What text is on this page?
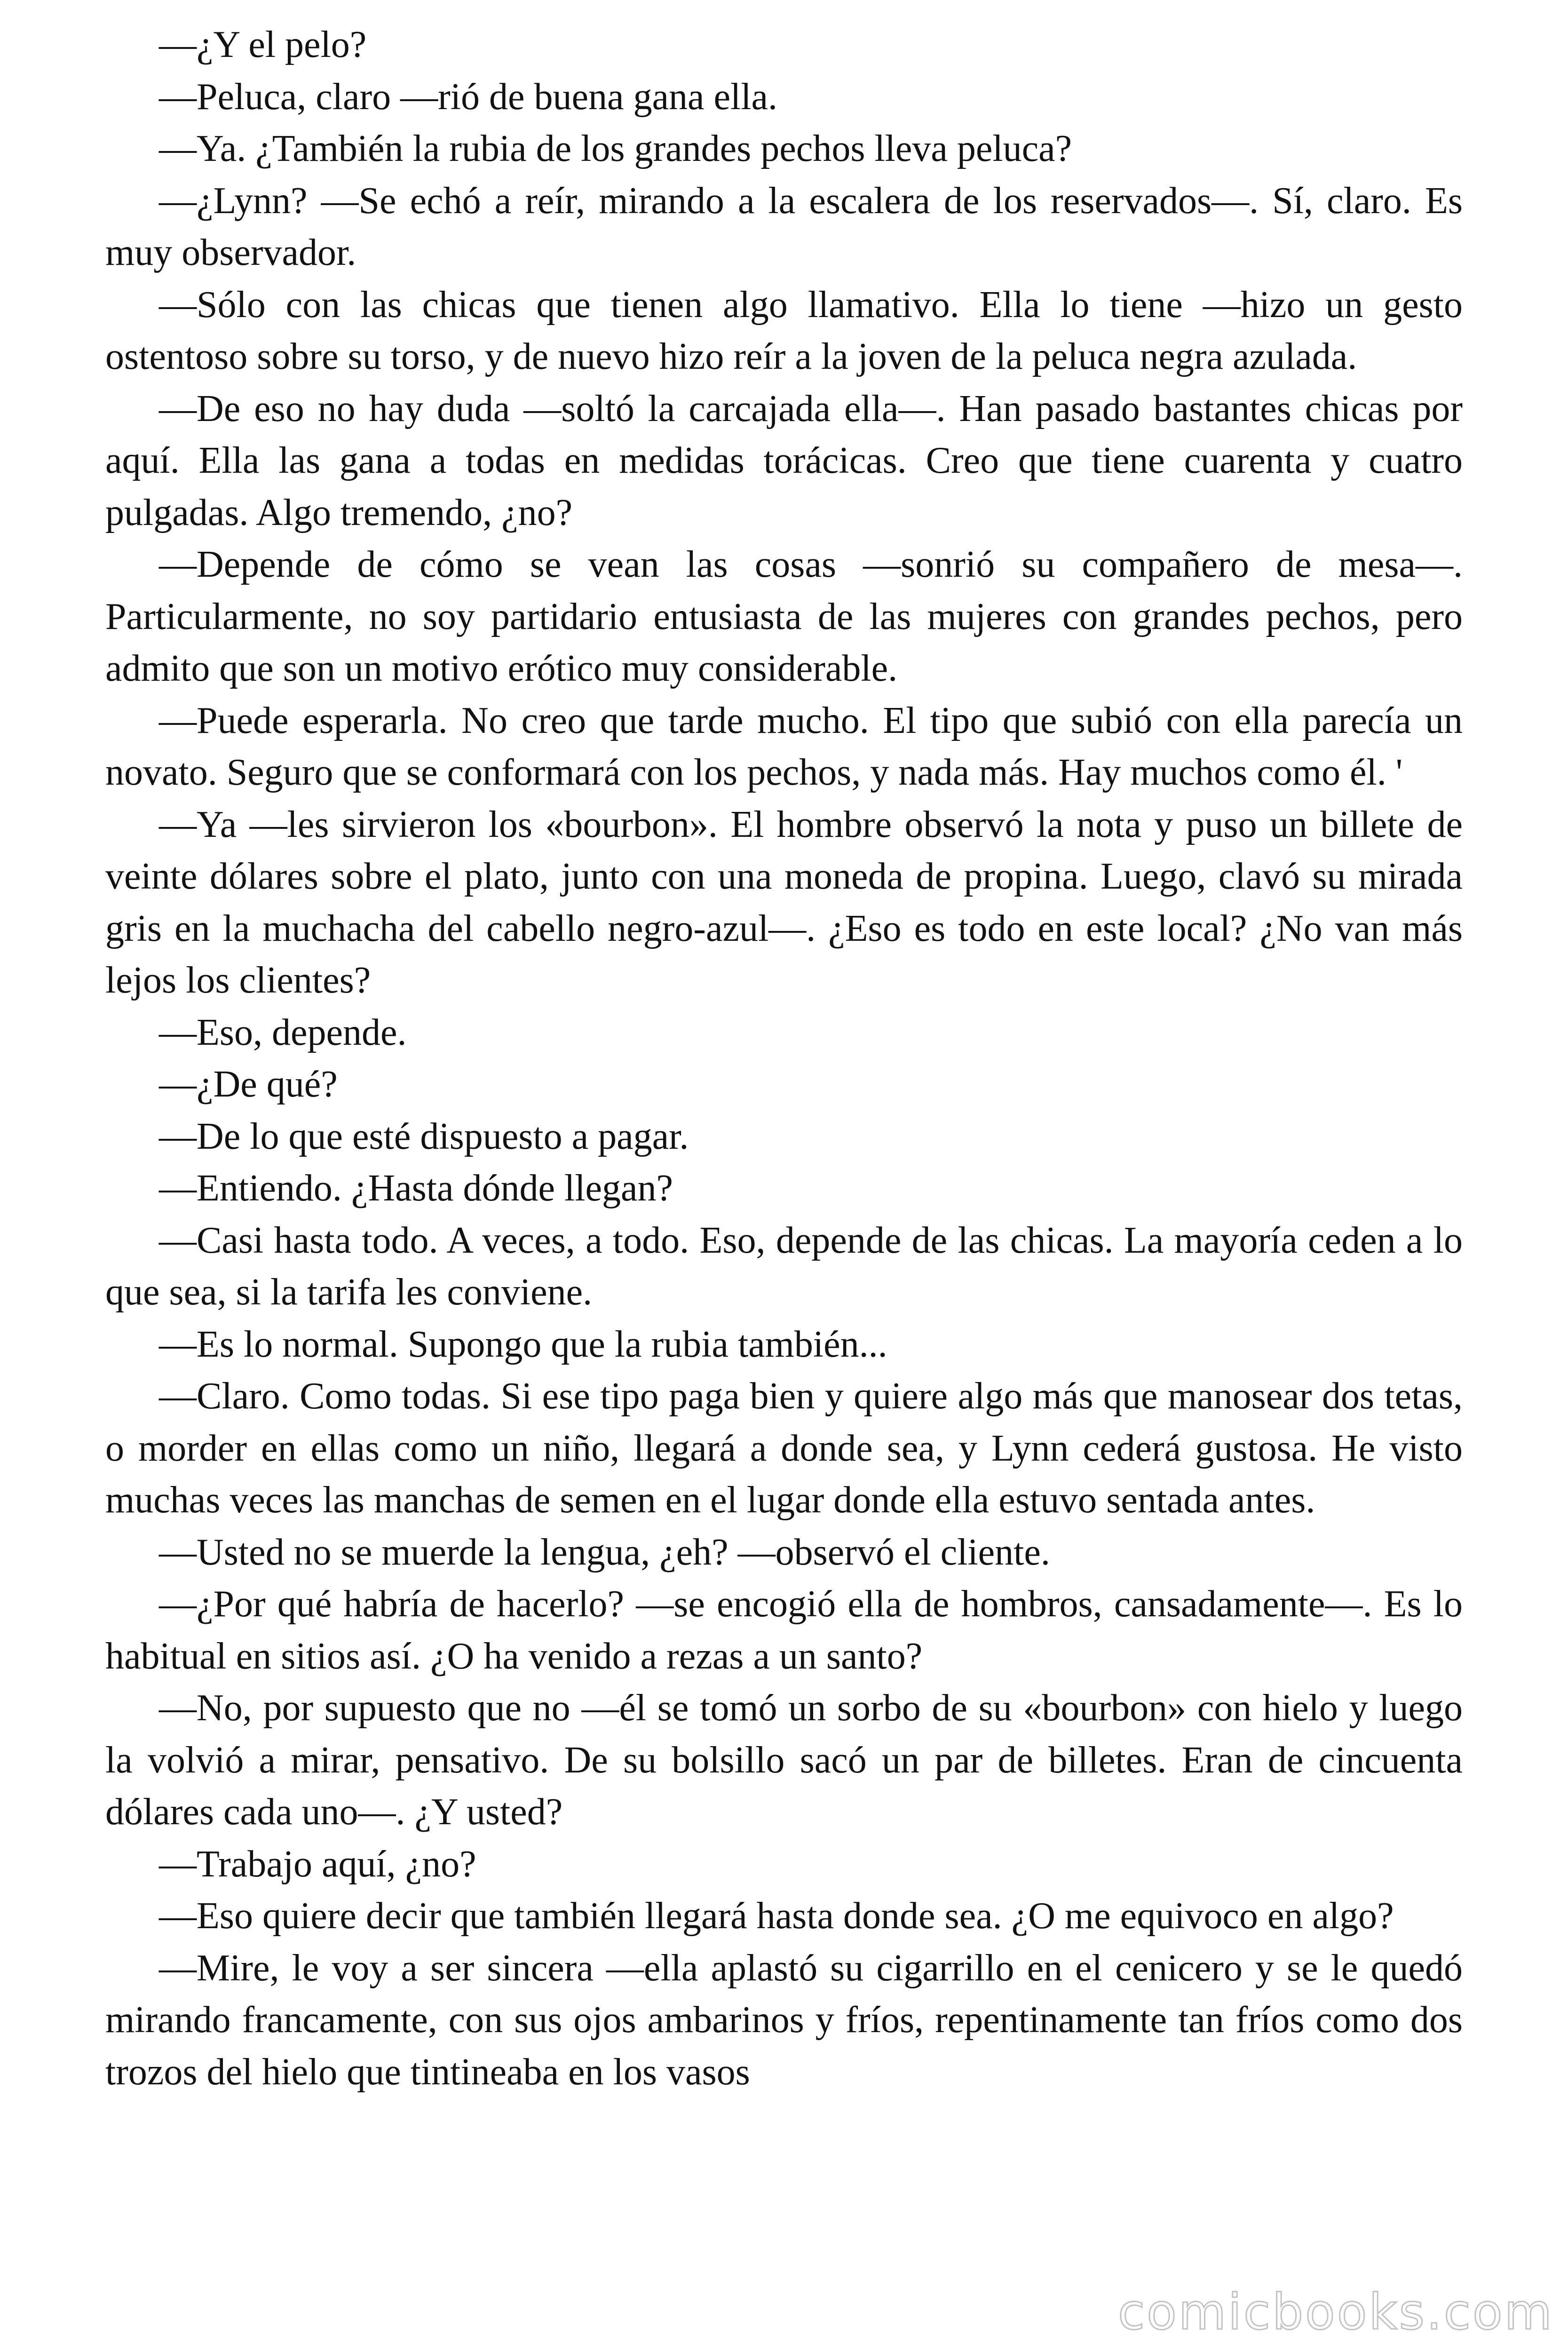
—¿Y el pelo?

—Peluca, claro —rió de buena gana ella.

—Ya. ¿También la rubia de los grandes pechos lleva peluca?

—¿Lynn? —Se echó a reír, mirando a la escalera de los reservados—. Sí, claro. Es muy observador.

—Sólo con las chicas que tienen algo llamativo. Ella lo tiene —hizo un gesto ostentoso sobre su torso, y de nuevo hizo reír a la joven de la peluca negra azulada.

—De eso no hay duda —soltó la carcajada ella—. Han pasado bastantes chicas por aquí. Ella las gana a todas en medidas torácicas. Creo que tiene cuarenta y cuatro pulgadas. Algo tremendo, ¿no?

—Depende de cómo se vean las cosas —sonrió su compañero de mesa—. Particularmente, no soy partidario entusiasta de las mujeres con grandes pechos, pero admito que son un motivo erótico muy considerable.

—Puede esperarla. No creo que tarde mucho. El tipo que subió con ella parecía un novato. Seguro que se conformará con los pechos, y nada más. Hay muchos como él. '

—Ya —les sirvieron los «bourbon». El hombre observó la nota y puso un billete de veinte dólares sobre el plato, junto con una moneda de propina. Luego, clavó su mirada gris en la muchacha del cabello negro-azul—. ¿Eso es todo en este local? ¿No van más lejos los clientes?

—Eso, depende.

—¿De qué?

—De lo que esté dispuesto a pagar.

—Entiendo. ¿Hasta dónde llegan?

—Casi hasta todo. A veces, a todo. Eso, depende de las chicas. La mayoría ceden a lo que sea, si la tarifa les conviene.

—Es lo normal. Supongo que la rubia también...

—Claro. Como todas. Si ese tipo paga bien y quiere algo más que manosear dos tetas, o morder en ellas como un niño, llegará a donde sea, y Lynn cederá gustosa. He visto muchas veces las manchas de semen en el lugar donde ella estuvo sentada antes.

—Usted no se muerde la lengua, ¿eh? —observó el cliente.

—¿Por qué habría de hacerlo? —se encogió ella de hombros, cansadamente—. Es lo habitual en sitios así. ¿O ha venido a rezas a un santo?

—No, por supuesto que no —él se tomó un sorbo de su «bourbon» con hielo y luego la volvió a mirar, pensativo. De su bolsillo sacó un par de billetes. Eran de cincuenta dólares cada uno—. ¿Y usted?

—Trabajo aquí, ¿no?

—Eso quiere decir que también llegará hasta donde sea. ¿O me equivoco en algo?

—Mire, le voy a ser sincera —ella aplastó su cigarrillo en el cenicero y se le quedó mirando francamente, con sus ojos ambarinos y fríos, repentinamente tan fríos como dos trozos del hielo que tintineaba en los vasos

comicbooks.com
